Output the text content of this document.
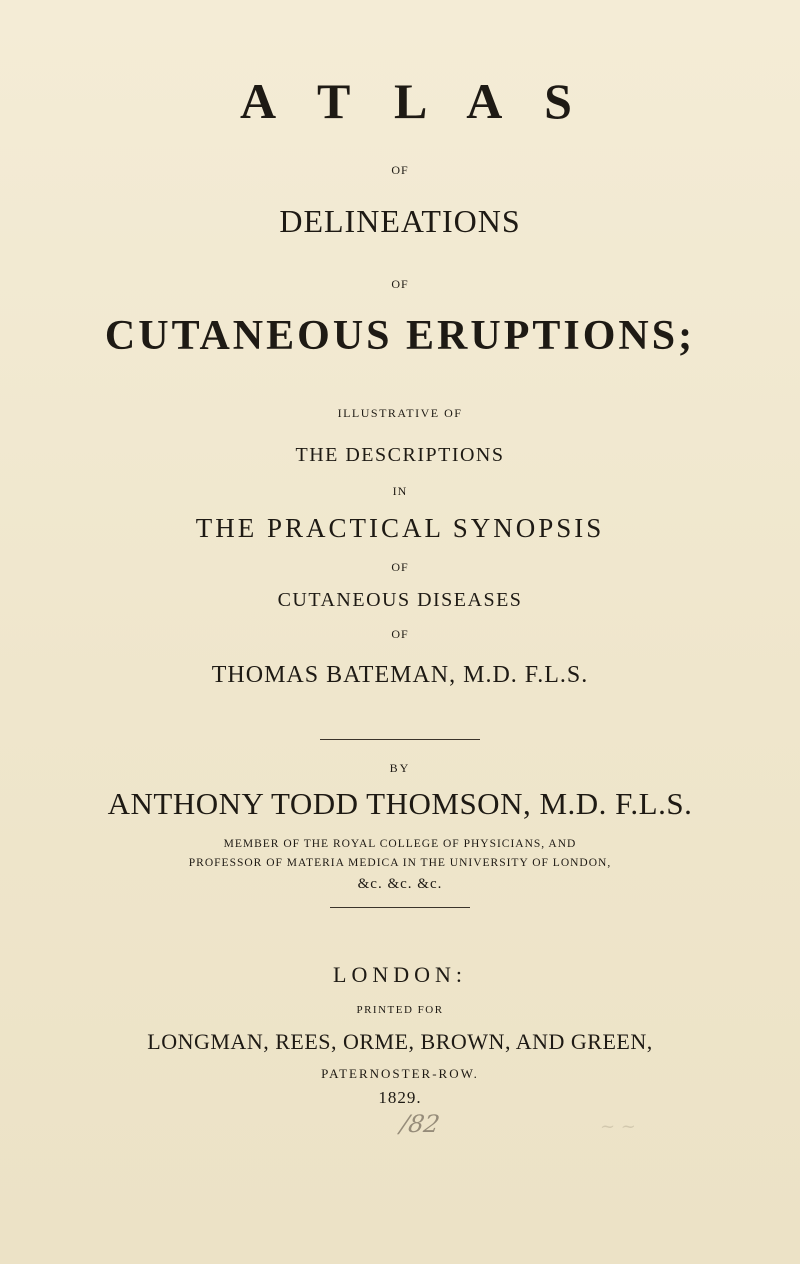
A T L A S
OF
DELINEATIONS
OF
CUTANEOUS ERUPTIONS;
ILLUSTRATIVE OF
THE DESCRIPTIONS
IN
THE PRACTICAL SYNOPSIS
OF
CUTANEOUS DISEASES
OF
THOMAS BATEMAN, M.D. F.L.S.
BY
ANTHONY TODD THOMSON, M.D. F.L.S.
MEMBER OF THE ROYAL COLLEGE OF PHYSICIANS, AND
PROFESSOR OF MATERIA MEDICA IN THE UNIVERSITY OF LONDON,
&c. &c. &c.
LONDON:
PRINTED FOR
LONGMAN, REES, ORME, BROWN, AND GREEN,
PATERNOSTER-ROW.
1829.
/82	~ ~
